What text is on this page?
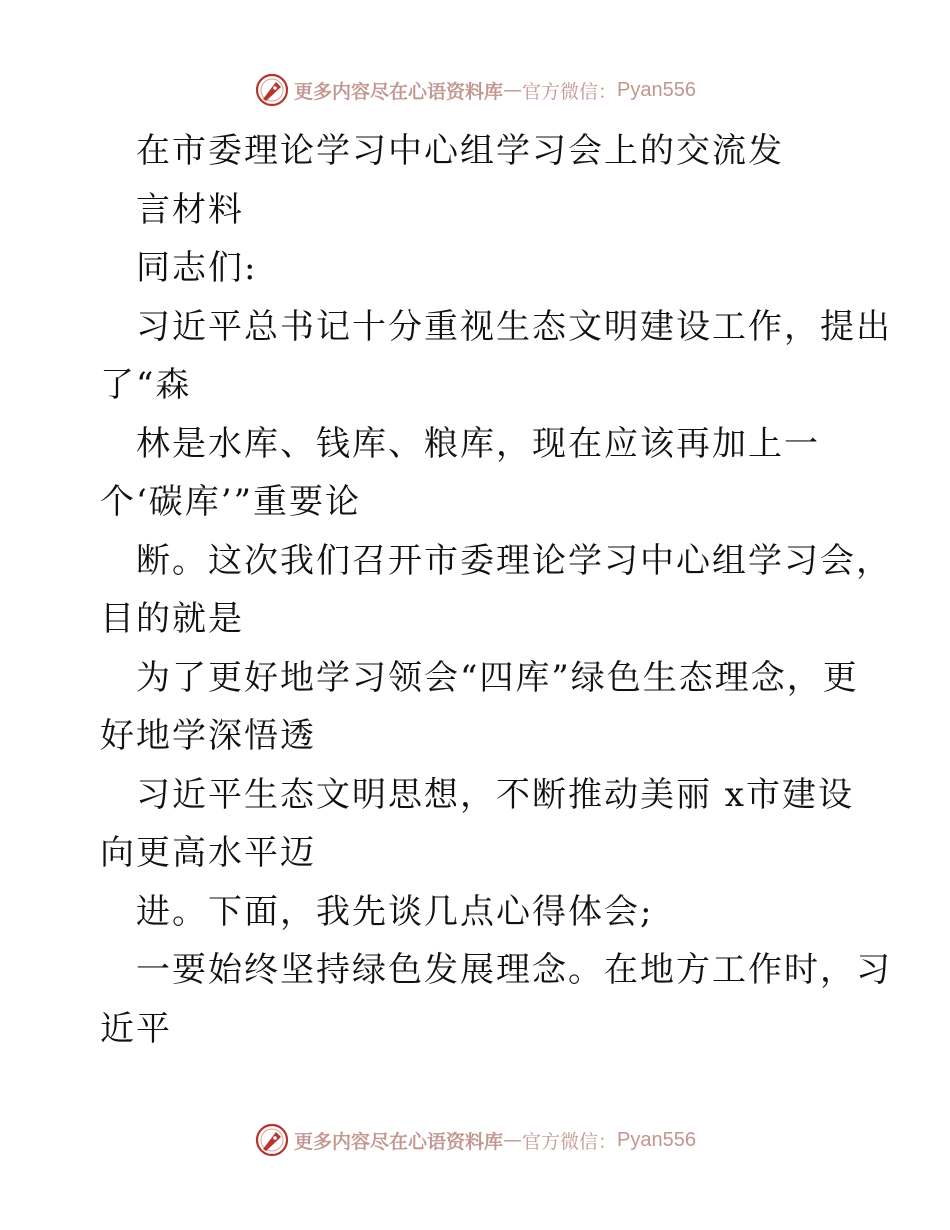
更多内容尽在心语资料库 — 官方微信： Pyan556
在市委理论学习中心组学习会上的交流发
言材料
同志们:
习近平总书记十分重视生态文明建设工作，提出
了“森
林是水库、钱库、粮库，现在应该再加上一
个‘碳库’”重要论
断。这次我们召开市委理论学习中心组学习会，
目的就是
为了更好地学习领会“四库”绿色生态理念，更
好地学深悟透
习近平生态文明思想，不断推动美丽 x市建设
向更高水平迈
进。下面，我先谈几点心得体会;
一要始终坚持绿色发展理念。在地方工作时，习
近平
更多内容尽在心语资料库 — 官方微信： Pyan556
